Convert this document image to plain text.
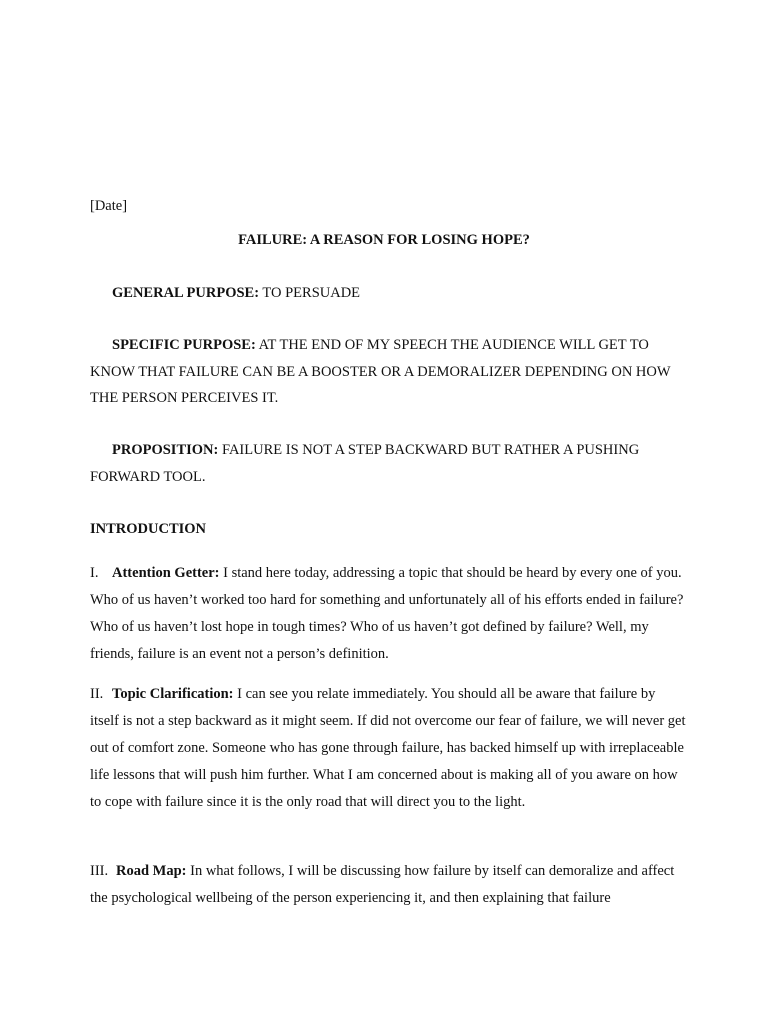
[Date]
FAILURE: A REASON FOR LOSING HOPE?

GENERAL PURPOSE: TO PERSUADE

SPECIFIC PURPOSE: AT THE END OF MY SPEECH THE AUDIENCE WILL GET TO KNOW THAT FAILURE CAN BE A BOOSTER OR A DEMORALIZER DEPENDING ON HOW THE PERSON PERCEIVES IT.

PROPOSITION: FAILURE IS NOT A STEP BACKWARD BUT RATHER A PUSHING FORWARD TOOL.

INTRODUCTION

I. Attention Getter: I stand here today, addressing a topic that should be heard by every one of you. Who of us haven’t worked too hard for something and unfortunately all of his efforts ended in failure? Who of us haven’t lost hope in tough times? Who of us haven’t got defined by failure? Well, my friends, failure is an event not a person’s definition.

II. Topic Clarification: I can see you relate immediately. You should all be aware that failure by itself is not a step backward as it might seem. If did not overcome our fear of failure, we will never get out of comfort zone. Someone who has gone through failure, has backed himself up with irreplaceable life lessons that will push him further. What I am concerned about is making all of you aware on how to cope with failure since it is the only road that will direct you to the light.

III. Road Map: In what follows, I will be discussing how failure by itself can demoralize and affect the psychological wellbeing of the person experiencing it, and then explaining that failure
